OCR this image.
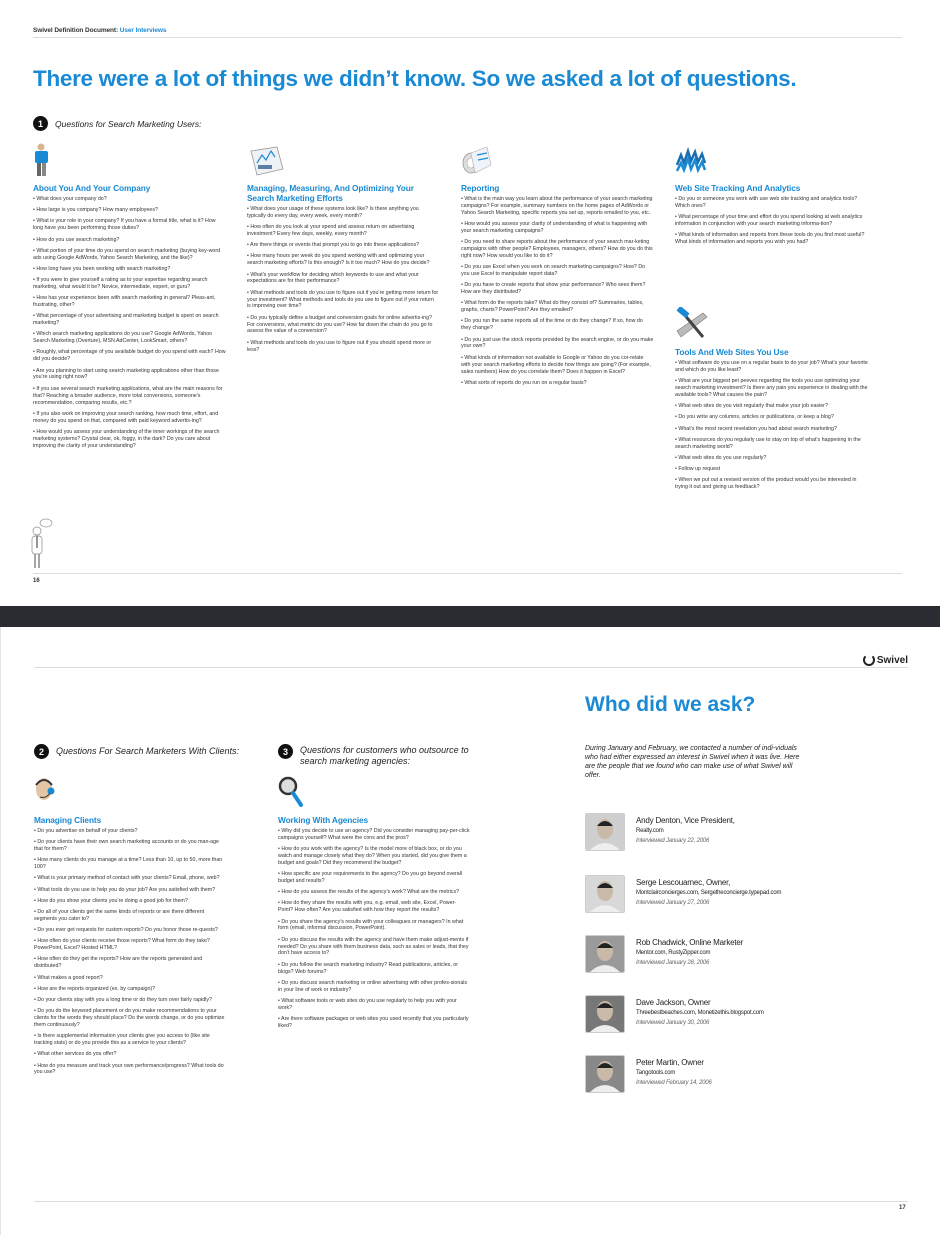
Swivel Definition Document: User Interviews
There were a lot of things we didn’t know. So we asked a lot of questions.
1	Questions for Search Marketing Users:
About You And Your Company
• What does your company do?
• How large is you company? How many employees?
• What is your role in your company? If you have a formal title, what is it? How long have you been performing those duties?
• How do you use search marketing?
• What portion of your time do you spend on search marketing (buying key-word ads using Google AdWords, Yahoo Search Marketing, and the like)?
• How long have you been working with search marketing?
• If you were to give yourself a rating as to your expertise regarding search marketing, what would it be? Novice, intermediate, expert, or guru?
• How has your experience been with search marketing in general? Pleas-ant, frustrating, other?
• What percentage of your advertising and marketing budget is spent on search marketing?
• Which search marketing applications do you use? Google AdWords, Yahoo Search Marketing (Overture), MSN AdCenter, LookSmart, others?
• Roughly, what percentage of you available budget do you spend with each? How did you decide?
• Are you planning to start using search marketing applications other than those you’re using right now?
• If you use several search marketing applications, what are the main reasons for that? Reaching a broader audience, more total conversions, someone’s recommendation, comparing results, etc.?
• If you also work on improving your search ranking, how much time, effort, and money do you spend on that, compared with paid keyword advertis-ing?
• How would you assess your understanding of the inner workings of the search marketing systems? Crystal clear, ok, foggy, in the dark? Do you care about improving the clarity of your understanding?
Managing, Measuring, And Optimizing Your Search Marketing Efforts
• What does your usage of these systems look like? Is there anything you typically do every day, every week, every month?
• How often do you look at your spend and assess return on advertising investment? Every few days, weekly, every month?
• Are there things or events that prompt you to go into these applications?
• How many hours per week do you spend working with and optimizing your search marketing efforts? Is this enough? Is it too much? How do you decide?
• What’s your workflow for deciding which keywords to use and what your expectations are for their performance?
• What methods and tools do you use to figure out if you’re getting more return for your investment? What methods and tools do you use to figure out if your return is improving over time?
• Do you typically define a budget and conversion goals for online advertis-ing? For conversions, what metric do you use? How far down the chain do you go to assess the value of a conversion?
• What methods and tools do you use to figure out if you should spend more or less?
Reporting
• What is the main way you learn about the performance of your search marketing campaigns? For example, summary numbers on the home pages of AdWords or Yahoo Search Marketing, specific reports you set up, reports emailed to you, etc.
• How would you assess your clarity of understanding of what is happening with your search marketing campaigns?
• Do you need to share reports about the performance of your search mar-keting campaigns with other people? Employees, managers, others? How do you do this right now? How would you like to do it?
• Do you use Excel when you work on search marketing campaigns? How? Do you use Excel to manipulate report data?
• Do you have to create reports that show your performance? Who sees them? How are they distributed?
• What form do the reports take? What do they consist of? Summaries, tables, graphs, charts? PowerPoint? Are they emailed?
• Do you run the same reports all of the time or do they change? If so, how do they change?
• Do you just use the stock reports provided by the search engine, or do you make your own?
• What kinds of information not available to Google or Yahoo do you cor-relate with your search marketing efforts to decide how things are going? (For example, sales numbers) How do you correlate them? Does it happen in Excel?
• What sorts of reports do you run on a regular basis?
Web Site Tracking And Analytics
• Do you or someone you work with use web site tracking and analytics tools? Which ones?
• What percentage of your time and effort do you spend looking at web analytics information in conjunction with your search marketing informa-tion?
• What kinds of information and reports from these tools do you find most useful? What kinds of information and reports you wish you had?
Tools And Web Sites You Use
• What software do you use on a regular basis to do your job? What’s your favorite and which do you like least?
• What are your biggest pet peeves regarding the tools you use optimizing your search marketing investment? Is there any pain you experience in dealing with the available tools? What causes the pain?
• What web sites do you visit regularly that make your job easier?
• Do you write any columns, articles or publications, or keep a blog?
• What’s the most recent revelation you had about search marketing?
• What resources do you regularly use to stay on top of what’s happening in the search marketing world?
• What web sites do you use regularly?
• Follow up request
• When we put out a revised version of the product would you be interested in trying it out and giving us feedback?
16
Swivel
2	Questions For Search Marketers With Clients:
Managing Clients
• Do you advertise on behalf of your clients?
• Do your clients have their own search marketing accounts or do you man-age that for them?
• How many clients do you manage at a time? Less than 10, up to 50, more than 100?
• What is your primary method of contact with your clients? Email, phone, web?
• What tools do you use to help you do your job? Are you satisfied with them?
• How do you show your clients you’re doing a good job for them?
• Do all of your clients get the same kinds of reports or are there different segments you cater to?
• Do you ever get requests for custom reports? Do you honor those re-quests?
• How often do your clients receive those reports? What form do they take? PowerPoint, Excel? Hosted HTML?
• How often do they get the reports? How are the reports generated and distributed?
• What makes a good report?
• How are the reports organized (ex. by campaign)?
• Do your clients stay with you a long time or do they turn over fairly rapidly?
• Do you do the keyword placement or do you make recommendations to your clients for the words they should place? Do the words change, or do you optimize them continuously?
• Is there supplemental information your clients give you access to (like site tracking stats) or do you provide this as a service to your clients?
• What other services do you offer?
• How do you measure and track your own performance/progress? What tools do you use?
3	Questions for customers who outsource to search marketing agencies:
Working With Agencies
• Why did you decide to use an agency? Did you consider managing pay-per-click campaigns yourself? What were the cons and the pros?
• How do you work with the agency? Is the model more of black box, or do you watch and manage closely what they do? When you started, did you give them a budget and goals? Did they recommend the budget?
• How specific are your requirements to the agency? Do you go beyond overall budget and results?
• How do you assess the results of the agency’s work? What are the metrics?
• How do they share the results with you, e.g. email, web site, Excel, Power-Point? How often? Are you satisfied with how they report the results?
• Do you share the agency’s results with your colleagues or managers? In what form (email, informal discussion, PowerPoint).
• Do you discuss the results with the agency and have them make adjust-ments if needed? Do you share with them business data, such as sales or leads, that they don’t have access to?
• Do you follow the search marketing industry? Read publications, articles, or blogs? Web forums?
• Do you discuss search marketing or online advertising with other profes-sionals in your line of work or industry?
• What software tools or web sites do you use regularly to help you with your work?
• Are there software packages or web sites you used recently that you particularly liked?
Who did we ask?
During January and February, we contacted a number of indi-viduals who had either expressed an interest in Swivel when it was live. Here are the people that we found who can make use of what Swivel will offer.
Andy Denton, Vice President,
Realty.com
Interviewed January 22, 2006
Serge Lescouarnec, Owner,
Montclairconcierges.com, Sergetheconcierge.typepad.com
Interviewed January 27, 2006
Rob Chadwick, Online Marketer
Mentor.com, RustyZipper.com
Interviewed January 28, 2006
Dave Jackson, Owner
Threebestbeaches.com, Monetizethis.blogspot.com
Interviewed January 30, 2006
Peter Martin, Owner
Tangotools.com
Interviewed February 14, 2006
17
